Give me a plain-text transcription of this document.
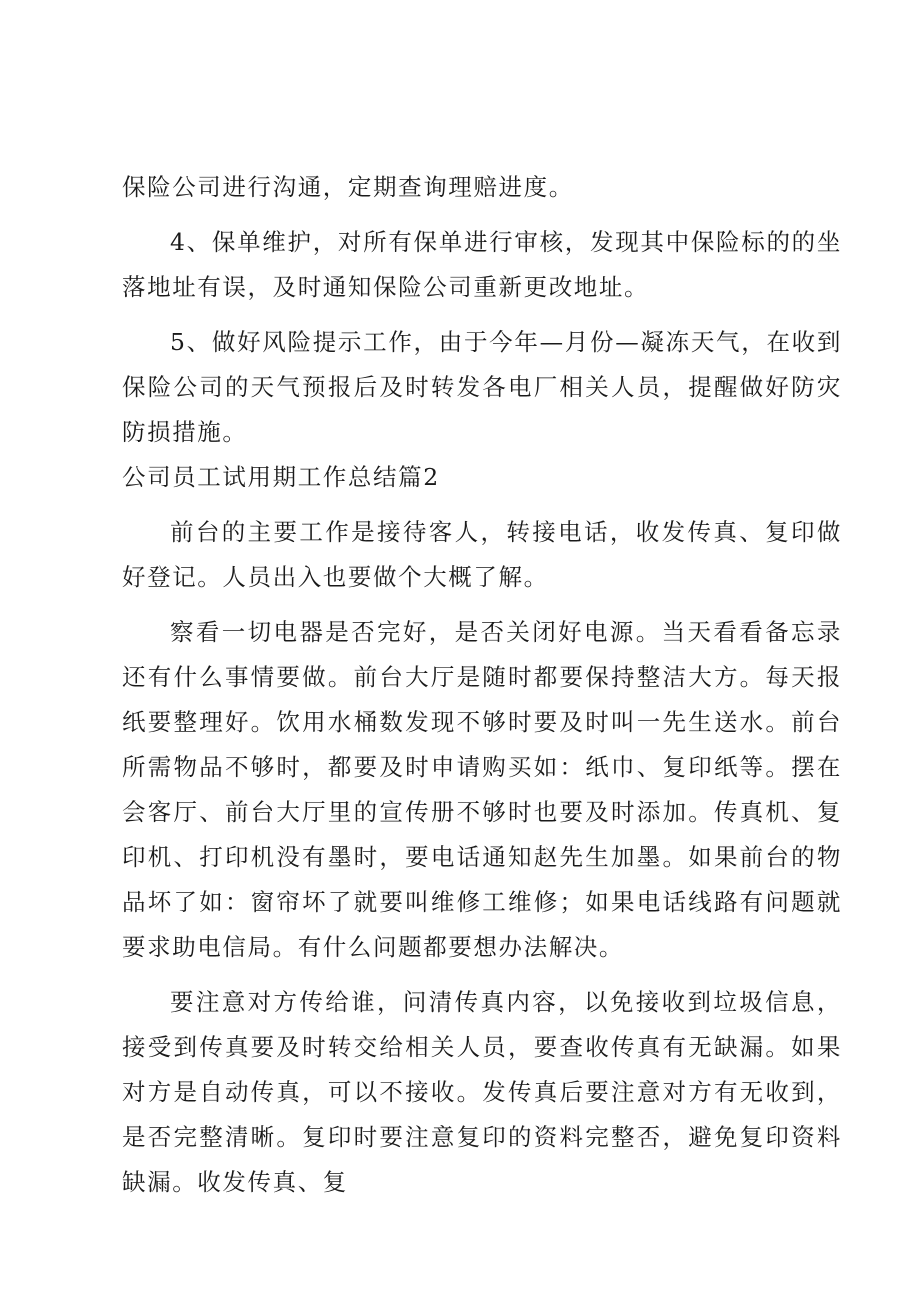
保险公司进行沟通，定期查询理赔进度。

4、保单维护，对所有保单进行审核，发现其中保险标的的坐落地址有误，及时通知保险公司重新更改地址。

5、做好风险提示工作，由于今年—月份—凝冻天气，在收到保险公司的天气预报后及时转发各电厂相关人员，提醒做好防灾防损措施。

公司员工试用期工作总结篇2

前台的主要工作是接待客人，转接电话，收发传真、复印做好登记。人员出入也要做个大概了解。

察看一切电器是否完好，是否关闭好电源。当天看看备忘录还有什么事情要做。前台大厅是随时都要保持整洁大方。每天报纸要整理好。饮用水桶数发现不够时要及时叫一先生送水。前台所需物品不够时，都要及时申请购买如：纸巾、复印纸等。摆在会客厅、前台大厅里的宣传册不够时也要及时添加。传真机、复印机、打印机没有墨时，要电话通知赵先生加墨。如果前台的物品坏了如：窗帘坏了就要叫维修工维修；如果电话线路有问题就要求助电信局。有什么问题都要想办法解决。

要注意对方传给谁，问清传真内容，以免接收到垃圾信息，接受到传真要及时转交给相关人员，要查收传真有无缺漏。如果对方是自动传真，可以不接收。发传真后要注意对方有无收到，是否完整清晰。复印时要注意复印的资料完整否，避免复印资料缺漏。收发传真、复
